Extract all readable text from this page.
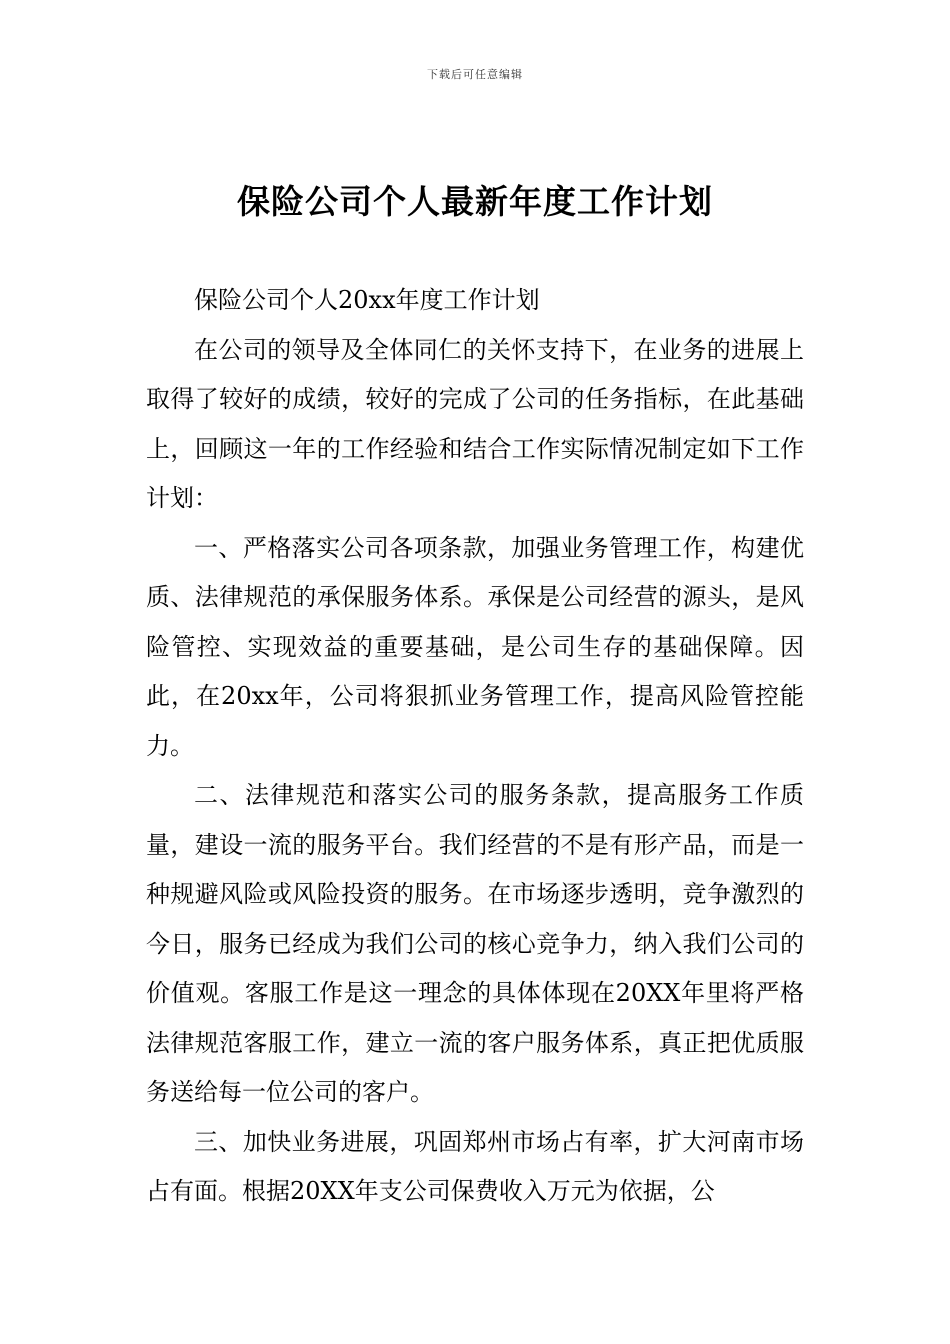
下载后可任意编辑
保险公司个人最新年度工作计划

保险公司个人20xx年度工作计划

在公司的领导及全体同仁的关怀支持下，在业务的进展上取得了较好的成绩，较好的完成了公司的任务指标，在此基础上，回顾这一年的工作经验和结合工作实际情况制定如下工作计划：

一、严格落实公司各项条款，加强业务管理工作，构建优质、法律规范的承保服务体系。承保是公司经营的源头，是风险管控、实现效益的重要基础，是公司生存的基础保障。因此，在20xx年，公司将狠抓业务管理工作，提高风险管控能力。

二、法律规范和落实公司的服务条款，提高服务工作质量，建设一流的服务平台。我们经营的不是有形产品，而是一种规避风险或风险投资的服务。在市场逐步透明，竞争激烈的今日，服务已经成为我们公司的核心竞争力，纳入我们公司的价值观。客服工作是这一理念的具体体现在20XX年里将严格法律规范客服工作，建立一流的客户服务体系，真正把优质服务送给每一位公司的客户。

三、加快业务进展，巩固郑州市场占有率，扩大河南市场占有面。根据20XX年支公司保费收入万元为依据，公
